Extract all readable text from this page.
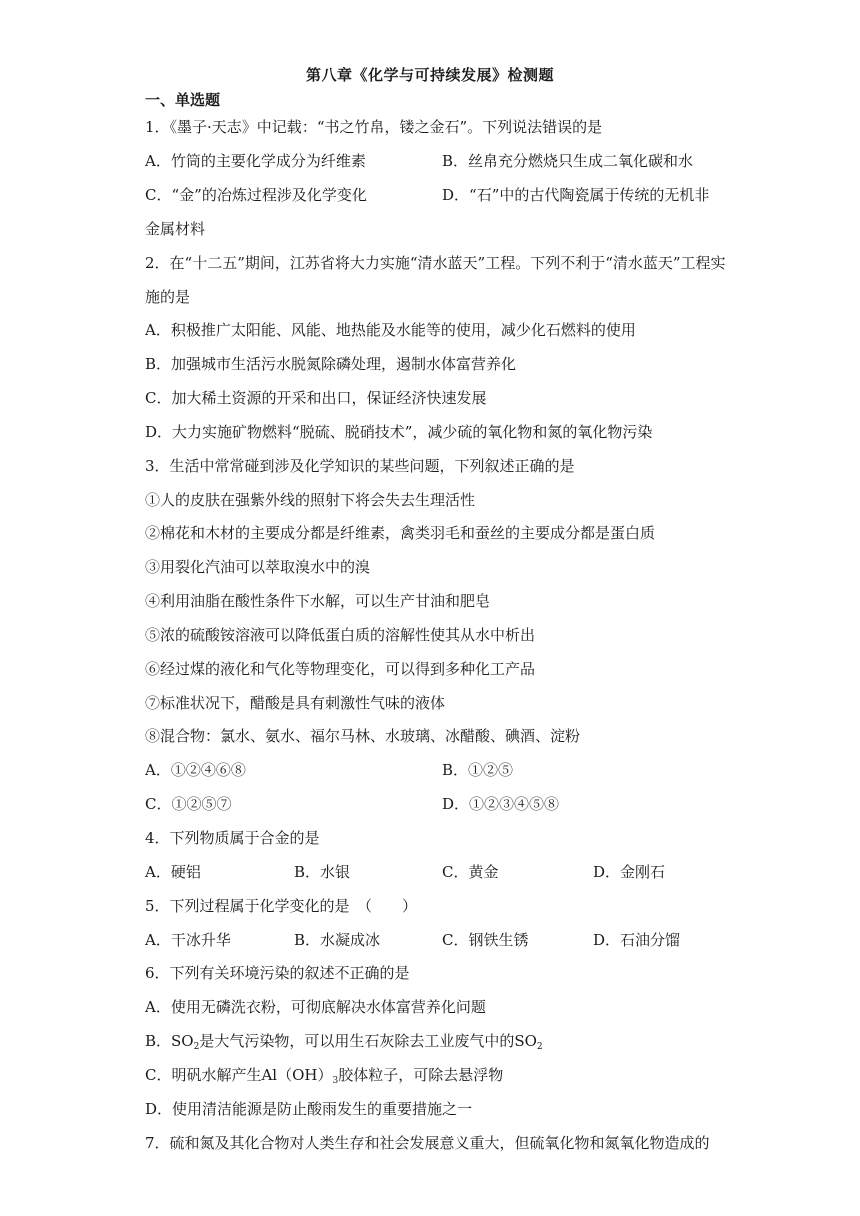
第八章《化学与可持续发展》检测题
一、单选题
1．《墨子·天志》中记载：“书之竹帛，镂之金石”。下列说法错误的是
A．竹筒的主要化学成分为纤维素	B．丝帛充分燃烧只生成二氧化碳和水
C．“金”的冶炼过程涉及化学变化	D．“石”中的古代陶瓷属于传统的无机非
金属材料
2．在“十二五”期间，江苏省将大力实施“清水蓝天”工程。下列不利于“清水蓝天”工程实
施的是
A．积极推广太阳能、风能、地热能及水能等的使用，减少化石燃料的使用
B．加强城市生活污水脱氮除磷处理，遏制水体富营养化
C．加大稀土资源的开采和出口，保证经济快速发展
D．大力实施矿物燃料“脱硫、脱硝技术”，减少硫的氧化物和氮的氧化物污染
3．生活中常常碰到涉及化学知识的某些问题，下列叙述正确的是
①人的皮肤在强紫外线的照射下将会失去生理活性
②棉花和木材的主要成分都是纤维素，禽类羽毛和蚕丝的主要成分都是蛋白质
③用裂化汽油可以萃取溴水中的溴
④利用油脂在酸性条件下水解，可以生产甘油和肥皂
⑤浓的硫酸铵溶液可以降低蛋白质的溶解性使其从水中析出
⑥经过煤的液化和气化等物理变化，可以得到多种化工产品
⑦标准状况下，醋酸是具有刺激性气味的液体
⑧混合物：氯水、氨水、福尔马林、水玻璃、冰醋酸、碘酒、淀粉
A．①②④⑥⑧	B．①②⑤
C．①②⑤⑦	D．①②③④⑤⑧
4．下列物质属于合金的是
A．硬铝	B．水银	C．黄金	D．金刚石
5．下列过程属于化学变化的是　（　　）
A．干冰升华	B．水凝成冰	C．钢铁生锈	D．石油分馏
6．下列有关环境污染的叙述不正确的是
A．使用无磷洗衣粉，可彻底解决水体富营养化问题
B．$SO_2$是大气污染物，可以用生石灰除去工业废气中的$SO_2$
C．明矾水解产生$Al(OH)_3$胶体粒子，可除去悬浮物
D．使用清洁能源是防止酸雨发生的重要措施之一
7．硫和氮及其化合物对人类生存和社会发展意义重大，但硫氧化物和氮氧化物造成的
